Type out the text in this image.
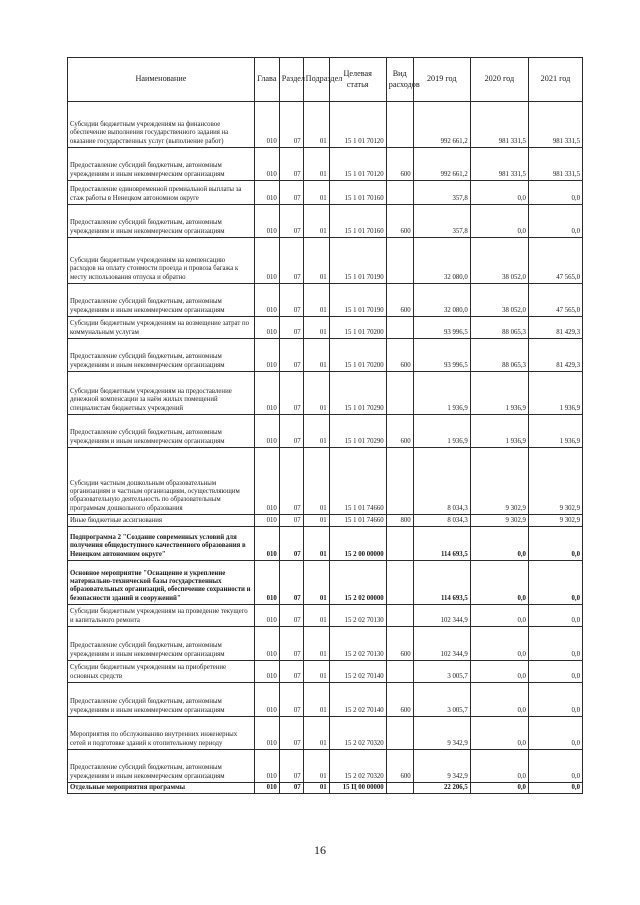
Наименование	Глава	Раздел	Подраздел	Целевая статья	Вид расходов	2019 год	2020 год	2021 год
Субсидии бюджетным учреждениям на финансовое обеспечение выполнения государственного задания на оказание государственных услуг (выполнение работ)	010	07	01	15 1 01 70120		992 661,2	981 331,5	981 331,5
Предоставление субсидий бюджетным, автономным учреждениям и иным некоммерческим организациям	010	07	01	15 1 01 70120	600	992 661,2	981 331,5	981 331,5
Предоставление единовременной премиальной выплаты за стаж работы в Ненецком автономном округе	010	07	01	15 1 01 70160		357,8	0,0	0,0
Предоставление субсидий бюджетным, автономным учреждениям и иным некоммерческим организациям	010	07	01	15 1 01 70160	600	357,8	0,0	0,0
Субсидии бюджетным учреждениям на компенсацию расходов на оплату стоимости проезда и провоза багажа к месту использования отпуска и обратно	010	07	01	15 1 01 70190		32 080,0	38 052,0	47 565,0
Предоставление субсидий бюджетным, автономным учреждениям и иным некоммерческим организациям	010	07	01	15 1 01 70190	600	32 080,0	38 052,0	47 565,0
Субсидии бюджетным учреждениям на возмещение затрат по коммунальным услугам	010	07	01	15 1 01 70200		93 996,5	88 065,3	81 429,3
Предоставление субсидий бюджетным, автономным учреждениям и иным некоммерческим организациям	010	07	01	15 1 01 70200	600	93 996,5	88 065,3	81 429,3
Субсидии бюджетным учреждениям на предоставление денежной компенсации за наём жилых помещений специалистам бюджетных учреждений	010	07	01	15 1 01 70290		1 936,9	1 936,9	1 936,9
Предоставление субсидий бюджетным, автономным учреждениям и иным некоммерческим организациям	010	07	01	15 1 01 70290	600	1 936,9	1 936,9	1 936,9
Субсидии частным дошкольным образовательным организациям и частным организациям, осуществляющим образовательную деятельность по образовательным программам дошкольного образования	010	07	01	15 1 01 74660		8 034,3	9 302,9	9 302,9
Иные бюджетные ассигнования	010	07	01	15 1 01 74660	800	8 034,3	9 302,9	9 302,9
Подпрограмма 2 "Создание современных условий для получения общедоступного качественного образования в Ненецком автономном округе"	010	07	01	15 2 00 00000		114 693,5	0,0	0,0
Основное мероприятие "Оснащение и укрепление материально-технической базы государственных образовательных организаций, обеспечение сохранности и безопасности зданий и сооружений"	010	07	01	15 2 02 00000		114 693,5	0,0	0,0
Субсидии бюджетным учреждениям на проведение текущего и капитального ремонта	010	07	01	15 2 02 70130		102 344,9	0,0	0,0
Предоставление субсидий бюджетным, автономным учреждениям и иным некоммерческим организациям	010	07	01	15 2 02 70130	600	102 344,9	0,0	0,0
Субсидии бюджетным учреждениям на приобретение основных средств	010	07	01	15 2 02 70140		3 005,7	0,0	0,0
Предоставление субсидий бюджетным, автономным учреждениям и иным некоммерческим организациям	010	07	01	15 2 02 70140	600	3 005,7	0,0	0,0
Мероприятия по обслуживанию внутренних инженерных сетей и подготовке зданий к отопительному периоду	010	07	01	15 2 02 70320		9 342,9	0,0	0,0
Предоставление субсидий бюджетным, автономным учреждениям и иным некоммерческим организациям	010	07	01	15 2 02 70320	600	9 342,9	0,0	0,0
Отдельные мероприятия программы	010	07	01	15 Ц 00 00000		22 206,5	0,0	0,0
16
